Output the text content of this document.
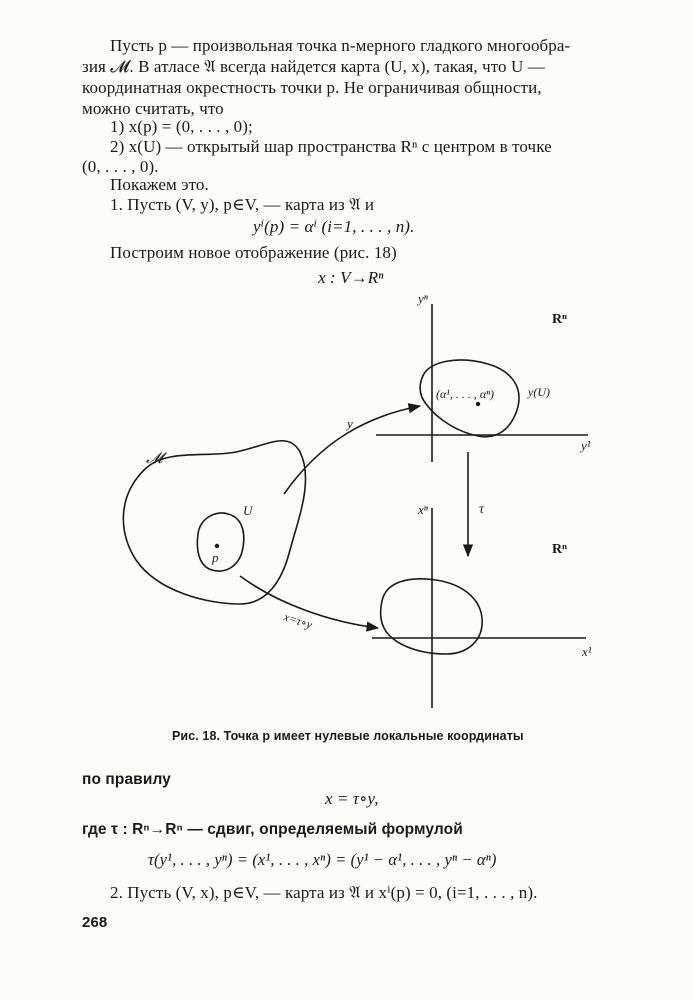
Пусть p — произвольная точка n-мерного гладкого многообра-
зия 𝓜. В атласе 𝔄 всегда найдется карта (U, x), такая, что U —
координатная окрестность точки p. Не ограничивая общности,
можно считать, что
1) x(p) = (0, . . . , 0);
2) x(U) — открытый шар пространства Rⁿ с центром в точке
(0, . . . , 0).
Покажем это.
1. Пусть (V, y), p∈V, — карта из 𝔄 и
yⁱ(p) = αⁱ (i=1, . . . , n).
Построим новое отображение (рис. 18)
x : V→Rⁿ
yⁿ
y¹
xⁿ
x¹
Rⁿ
Rⁿ
𝓜
U
p
(α¹, . . . , αⁿ)	y(U)
y
x=τ∘y
τ
Рис. 18. Точка p имеет нулевые локальные координаты
по правилу
x = τ∘y,
где τ : Rⁿ→Rⁿ — сдвиг, определяемый формулой
τ(y¹, . . . , yⁿ) = (x¹, . . . , xⁿ) = (y¹ − α¹, . . . , yⁿ − αⁿ)
2. Пусть (V, x), p∈V, — карта из 𝔄 и xⁱ(p) = 0, (i=1, . . . , n).
268
